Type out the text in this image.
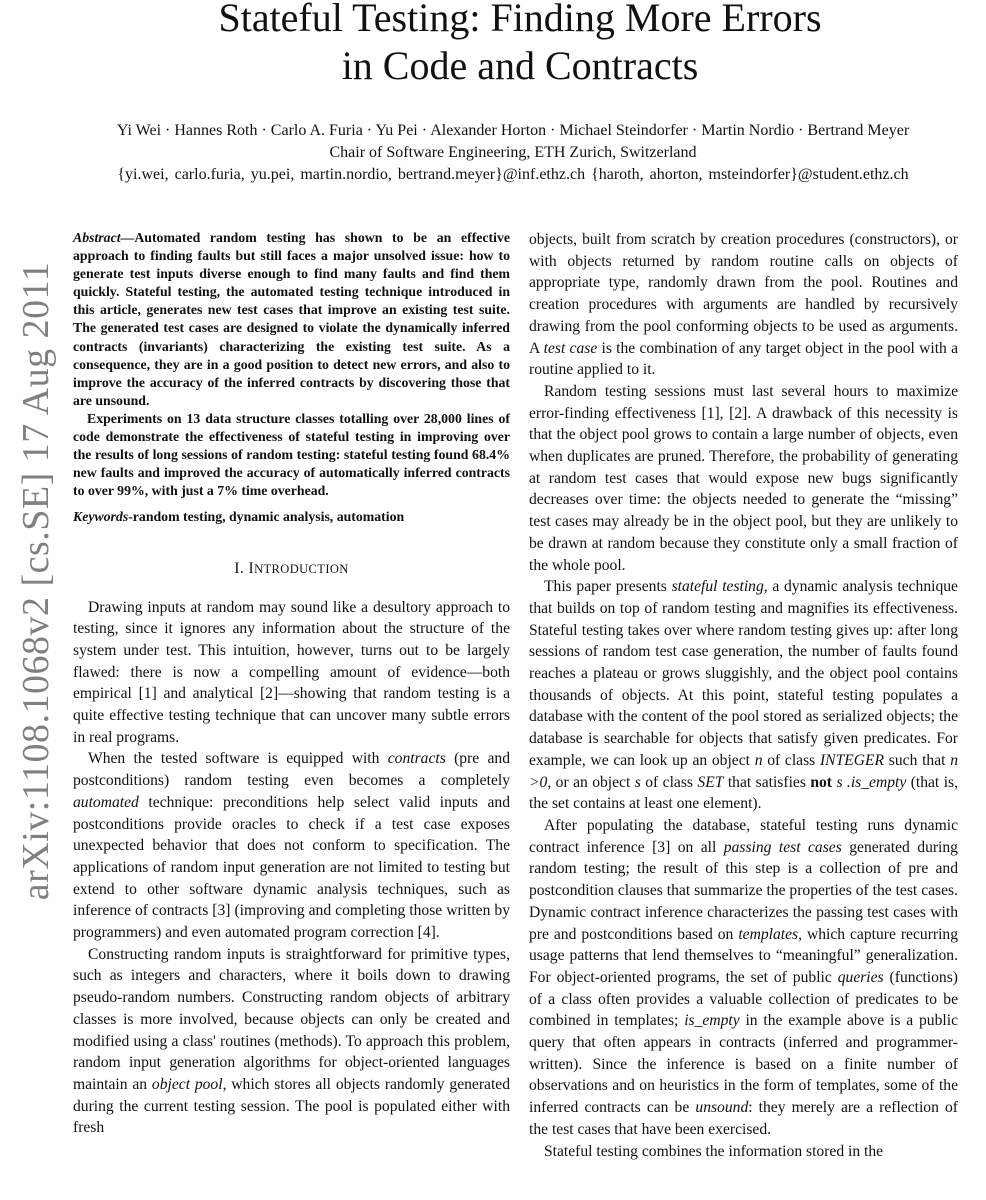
Stateful Testing: Finding More Errors
in Code and Contracts
Yi Wei · Hannes Roth · Carlo A. Furia · Yu Pei · Alexander Horton · Michael Steindorfer · Martin Nordio · Bertrand Meyer
Chair of Software Engineering, ETH Zurich, Switzerland
{yi.wei, carlo.furia, yu.pei, martin.nordio, bertrand.meyer}@inf.ethz.ch {haroth, ahorton, msteindorfer}@student.ethz.ch
arXiv:1108.1068v2 [cs.SE] 17 Aug 2011

Abstract—Automated random testing has shown to be an effective approach to finding faults but still faces a major unsolved issue: how to generate test inputs diverse enough to find many faults and find them quickly. Stateful testing, the automated testing technique introduced in this article, generates new test cases that improve an existing test suite. The generated test cases are designed to violate the dynamically inferred contracts (invariants) characterizing the existing test suite. As a consequence, they are in a good position to detect new errors, and also to improve the accuracy of the inferred contracts by discovering those that are unsound.

Experiments on 13 data structure classes totalling over 28,000 lines of code demonstrate the effectiveness of stateful testing in improving over the results of long sessions of random testing: stateful testing found 68.4% new faults and improved the accuracy of automatically inferred contracts to over 99%, with just a 7% time overhead.

Keywords-random testing, dynamic analysis, automation

I. INTRODUCTION

Drawing inputs at random may sound like a desultory approach to testing, since it ignores any information about the structure of the system under test. This intuition, however, turns out to be largely flawed: there is now a compelling amount of evidence—both empirical [1] and analytical [2]—showing that random testing is a quite effective testing technique that can uncover many subtle errors in real programs.

When the tested software is equipped with contracts (pre and postconditions) random testing even becomes a completely automated technique: preconditions help select valid inputs and postconditions provide oracles to check if a test case exposes unexpected behavior that does not conform to specification. The applications of random input generation are not limited to testing but extend to other software dynamic analysis techniques, such as inference of contracts [3] (improving and completing those written by programmers) and even automated program correction [4].

Constructing random inputs is straightforward for primitive types, such as integers and characters, where it boils down to drawing pseudo-random numbers. Constructing random objects of arbitrary classes is more involved, because objects can only be created and modified using a class' routines (methods). To approach this problem, random input generation algorithms for object-oriented languages maintain an object pool, which stores all objects randomly generated during the current testing session. The pool is populated either with fresh

objects, built from scratch by creation procedures (constructors), or with objects returned by random routine calls on objects of appropriate type, randomly drawn from the pool. Routines and creation procedures with arguments are handled by recursively drawing from the pool conforming objects to be used as arguments. A test case is the combination of any target object in the pool with a routine applied to it.

Random testing sessions must last several hours to maximize error-finding effectiveness [1], [2]. A drawback of this necessity is that the object pool grows to contain a large number of objects, even when duplicates are pruned. Therefore, the probability of generating at random test cases that would expose new bugs significantly decreases over time: the objects needed to generate the “missing” test cases may already be in the object pool, but they are unlikely to be drawn at random because they constitute only a small fraction of the whole pool.

This paper presents stateful testing, a dynamic analysis technique that builds on top of random testing and magnifies its effectiveness. Stateful testing takes over where random testing gives up: after long sessions of random test case generation, the number of faults found reaches a plateau or grows sluggishly, and the object pool contains thousands of objects. At this point, stateful testing populates a database with the content of the pool stored as serialized objects; the database is searchable for objects that satisfy given predicates. For example, we can look up an object n of class INTEGER such that n >0, or an object s of class SET that satisfies not s .is_empty (that is, the set contains at least one element).

After populating the database, stateful testing runs dynamic contract inference [3] on all passing test cases generated during random testing; the result of this step is a collection of pre and postcondition clauses that summarize the properties of the test cases. Dynamic contract inference characterizes the passing test cases with pre and postconditions based on templates, which capture recurring usage patterns that lend themselves to “meaningful” generalization. For object-oriented programs, the set of public queries (functions) of a class often provides a valuable collection of predicates to be combined in templates; is_empty in the example above is a public query that often appears in contracts (inferred and programmer-written). Since the inference is based on a finite number of observations and on heuristics in the form of templates, some of the inferred contracts can be unsound: they merely are a reflection of the test cases that have been exercised.

Stateful testing combines the information stored in the
